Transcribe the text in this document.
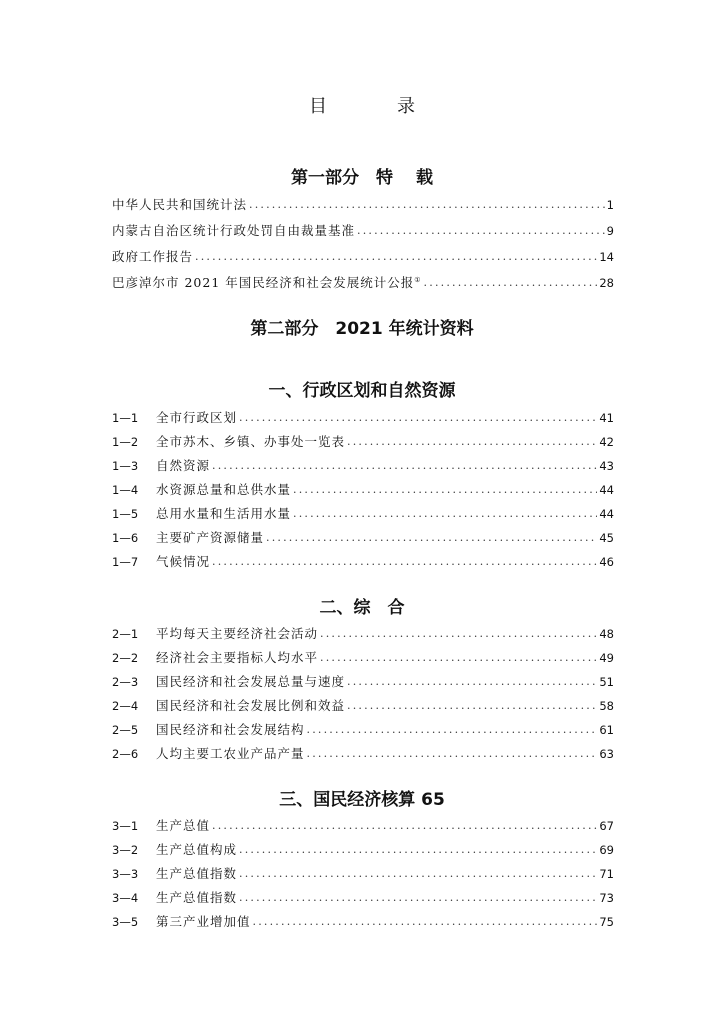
目　录
第一部分　特　 载
中华人民共和国统计法 .....	1
内蒙古自治区统计行政处罚自由裁量基准 .....	9
政府工作报告 .....	14
巴彦淖尔市 2021 年国民经济和社会发展统计公报① .....	28
第二部分　2021 年统计资料
一、行政区划和自然资源
1—1	全市行政区划 .....	41
1—2	全市苏木、乡镇、办事处一览表 .....	42
1—3	自然资源 .....	43
1—4	水资源总量和总供水量 .....	44
1—5	总用水量和生活用水量 .....	44
1—6	主要矿产资源储量 .....	45
1—7	气候情况 .....	46
二、综　合
2—1	平均每天主要经济社会活动 .....	48
2—2	经济社会主要指标人均水平 .....	49
2—3	国民经济和社会发展总量与速度 .....	51
2—4	国民经济和社会发展比例和效益 .....	58
2—5	国民经济和社会发展结构 .....	61
2—6	人均主要工农业产品产量 .....	63
三、国民经济核算 65
3—1	生产总值 .....	67
3—2	生产总值构成 .....	69
3—3	生产总值指数 .....	71
3—4	生产总值指数 .....	73
3—5	第三产业增加值 .....	75
